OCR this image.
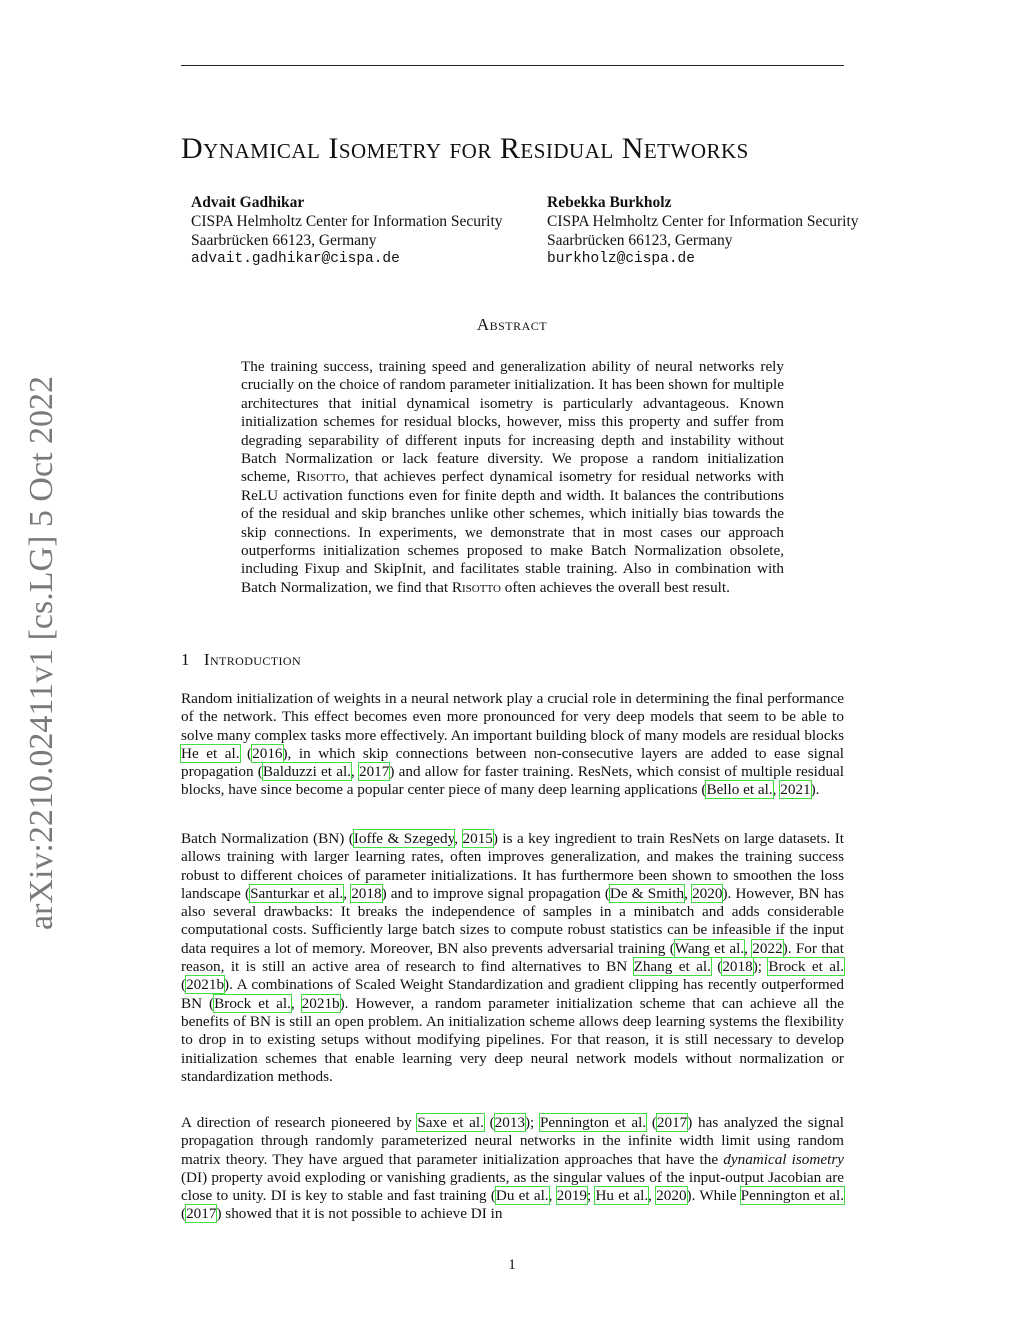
arXiv:2210.02411v1 [cs.LG] 5 Oct 2022
Dynamical Isometry for Residual Networks
Advait Gadhikar
CISPA Helmholtz Center for Information Security
Saarbrücken 66123, Germany
advait.gadhikar@cispa.de
Rebekka Burkholz
CISPA Helmholtz Center for Information Security
Saarbrücken 66123, Germany
burkholz@cispa.de
Abstract

The training success, training speed and generalization ability of neural networks rely crucially on the choice of random parameter initialization. It has been shown for multiple architectures that initial dynamical isometry is particularly advantageous. Known initialization schemes for residual blocks, however, miss this property and suffer from degrading separability of different inputs for increasing depth and instability without Batch Normalization or lack feature diversity. We propose a random initialization scheme, Risotto, that achieves perfect dynamical isometry for residual networks with ReLU activation functions even for finite depth and width. It balances the contributions of the residual and skip branches unlike other schemes, which initially bias towards the skip connections. In experiments, we demonstrate that in most cases our approach outperforms initialization schemes proposed to make Batch Normalization obsolete, including Fixup and SkipInit, and facilitates stable training. Also in combination with Batch Normalization, we find that Risotto often achieves the overall best result.

1 Introduction

Random initialization of weights in a neural network play a crucial role in determining the final performance of the network. This effect becomes even more pronounced for very deep models that seem to be able to solve many complex tasks more effectively. An important building block of many models are residual blocks He et al. (2016), in which skip connections between non-consecutive layers are added to ease signal propagation (Balduzzi et al., 2017) and allow for faster training. ResNets, which consist of multiple residual blocks, have since become a popular center piece of many deep learning applications (Bello et al., 2021).

Batch Normalization (BN) (Ioffe & Szegedy, 2015) is a key ingredient to train ResNets on large datasets. It allows training with larger learning rates, often improves generalization, and makes the training success robust to different choices of parameter initializations. It has furthermore been shown to smoothen the loss landscape (Santurkar et al., 2018) and to improve signal propagation (De & Smith, 2020). However, BN has also several drawbacks: It breaks the independence of samples in a minibatch and adds considerable computational costs. Sufficiently large batch sizes to compute robust statistics can be infeasible if the input data requires a lot of memory. Moreover, BN also prevents adversarial training (Wang et al., 2022). For that reason, it is still an active area of research to find alternatives to BN Zhang et al. (2018); Brock et al. (2021b). A combinations of Scaled Weight Standardization and gradient clipping has recently outperformed BN (Brock et al., 2021b). However, a random parameter initialization scheme that can achieve all the benefits of BN is still an open problem. An initialization scheme allows deep learning systems the flexibility to drop in to existing setups without modifying pipelines. For that reason, it is still necessary to develop initialization schemes that enable learning very deep neural network models without normalization or standardization methods.

A direction of research pioneered by Saxe et al. (2013); Pennington et al. (2017) has analyzed the signal propagation through randomly parameterized neural networks in the infinite width limit using random matrix theory. They have argued that parameter initialization approaches that have the dynamical isometry (DI) property avoid exploding or vanishing gradients, as the singular values of the input-output Jacobian are close to unity. DI is key to stable and fast training (Du et al., 2019; Hu et al., 2020). While Pennington et al. (2017) showed that it is not possible to achieve DI in

1
